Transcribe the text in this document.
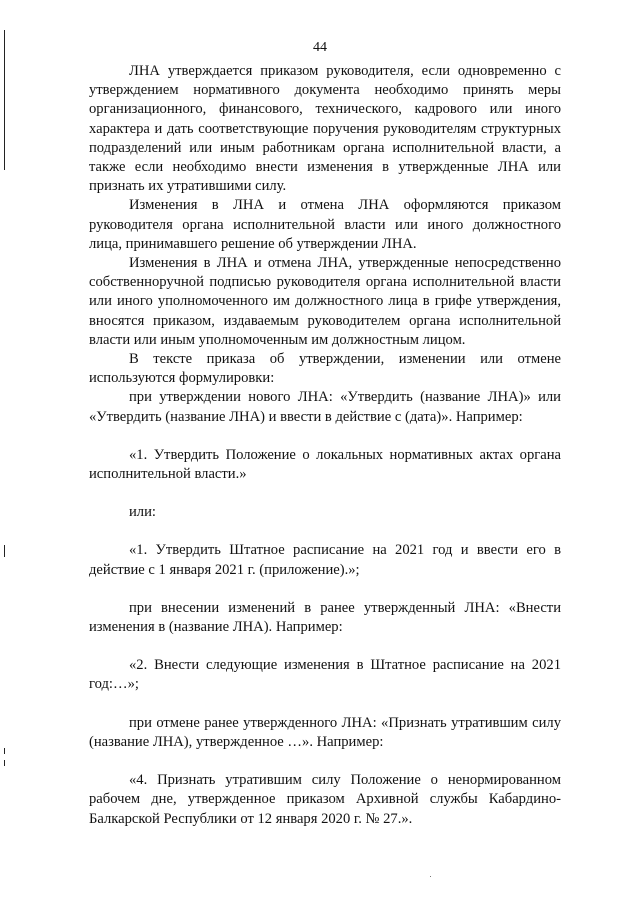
44

ЛНА утверждается приказом руководителя, если одновременно с утверждением нормативного документа необходимо принять меры организационного, финансового, технического, кадрового или иного характера и дать соответствующие поручения руководителям структурных подразделений или иным работникам органа исполнительной власти, а также если необходимо внести изменения в утвержденные ЛНА или признать их утратившими силу.

Изменения в ЛНА и отмена ЛНА оформляются приказом руководителя органа исполнительной власти или иного должностного лица, принимавшего решение об утверждении ЛНА.

Изменения в ЛНА и отмена ЛНА, утвержденные непосредственно собственноручной подписью руководителя органа исполнительной власти или иного уполномоченного им должностного лица в грифе утверждения, вносятся приказом, издаваемым руководителем органа исполнительной власти или иным уполномоченным им должностным лицом.

В тексте приказа об утверждении, изменении или отмене используются формулировки:

при утверждении нового ЛНА: «Утвердить (название ЛНА)» или «Утвердить (название ЛНА) и ввести в действие с (дата)». Например:

«1. Утвердить Положение о локальных нормативных актах органа исполнительной власти.»

или:

«1. Утвердить Штатное расписание на 2021 год и ввести его в действие с 1 января 2021 г. (приложение).»;

при внесении изменений в ранее утвержденный ЛНА: «Внести изменения в (название ЛНА). Например:

«2. Внести следующие изменения в Штатное расписание на 2021 год:…»;

при отмене ранее утвержденного ЛНА: «Признать утратившим силу (название ЛНА), утвержденное …». Например:

«4. Признать утратившим силу Положение о ненормированном рабочем дне, утвержденное приказом Архивной службы Кабардино-Балкарской Республики от 12 января 2020 г. № 27.».
